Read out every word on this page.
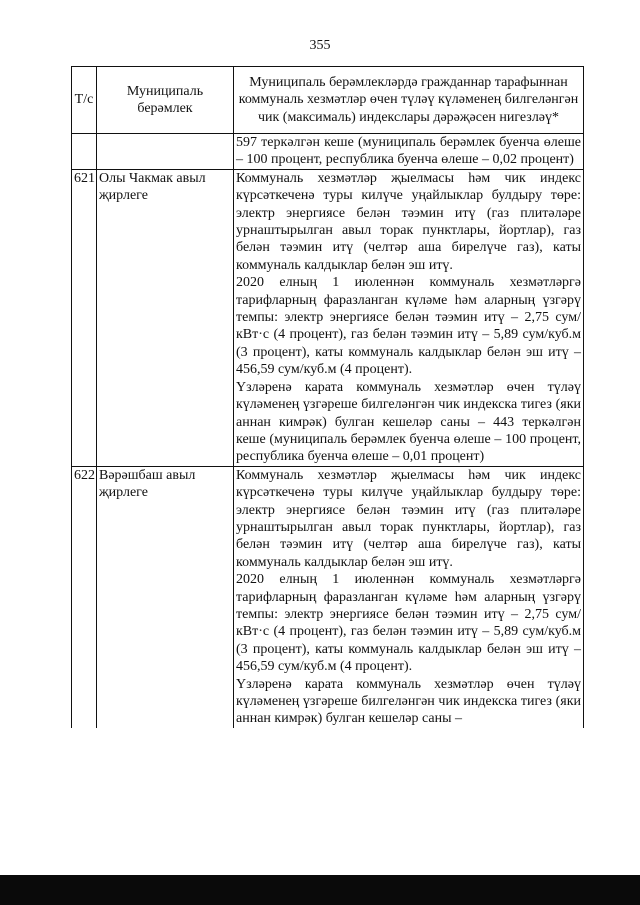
355
Т/с	Муниципаль берәмлек	Муниципаль берәмлекләрдә гражданнар тарафыннан коммуналь хезмәтләр өчен түләү күләменең билгеләнгән чик (максималь) индекслары дәрәҗәсен нигезләү*

		597 теркәлгән кеше (муниципаль берәмлек буенча өлеше – 100 процент, республика буенча өлеше – 0,02 процент)

621	Олы Чакмак авыл җирлеге	Коммуналь хезмәтләр җыелмасы һәм чик индекс күрсәткеченә туры килүче уңайлыклар булдыру төре: электр энергиясе белән тәэмин итү (газ плитәләре урнаштырылган авыл торак пунктлары, йортлар), газ белән тәэмин итү (челтәр аша бирелүче газ), каты коммуналь калдыклар белән эш итү.

2020 елның 1 июленнән коммуналь хезмәтләргә тарифларның фаразланган күләме һәм аларның үзгәрү темпы: электр энергиясе белән тәэмин итү – 2,75 сум/кВт·с (4 процент), газ белән тәэмин итү – 5,89 сум/куб.м (3 процент), каты коммуналь калдыклар белән эш итү – 456,59 сум/куб.м (4 процент).

Үзләренә карата коммуналь хезмәтләр өчен түләү күләменең үзгәреше билгеләнгән чик индекска тигез (яки аннан кимрәк) булган кешеләр саны – 443 теркәлгән кеше (муниципаль берәмлек буенча өлеше – 100 процент, республика буенча өлеше – 0,01 процент)

622	Вәрәшбаш авыл җирлеге	Коммуналь хезмәтләр җыелмасы һәм чик индекс күрсәткеченә туры килүче уңайлыклар булдыру төре: электр энергиясе белән тәэмин итү (газ плитәләре урнаштырылган авыл торак пунктлары, йортлар), газ белән тәэмин итү (челтәр аша бирелүче газ), каты коммуналь калдыклар белән эш итү.

2020 елның 1 июленнән коммуналь хезмәтләргә тарифларның фаразланган күләме һәм аларның үзгәрү темпы: электр энергиясе белән тәэмин итү – 2,75 сум/кВт·с (4 процент), газ белән тәэмин итү – 5,89 сум/куб.м (3 процент), каты коммуналь калдыклар белән эш итү – 456,59 сум/куб.м (4 процент).

Үзләренә карата коммуналь хезмәтләр өчен түләү күләменең үзгәреше билгеләнгән чик индекска тигез (яки аннан кимрәк) булган кешеләр саны –
